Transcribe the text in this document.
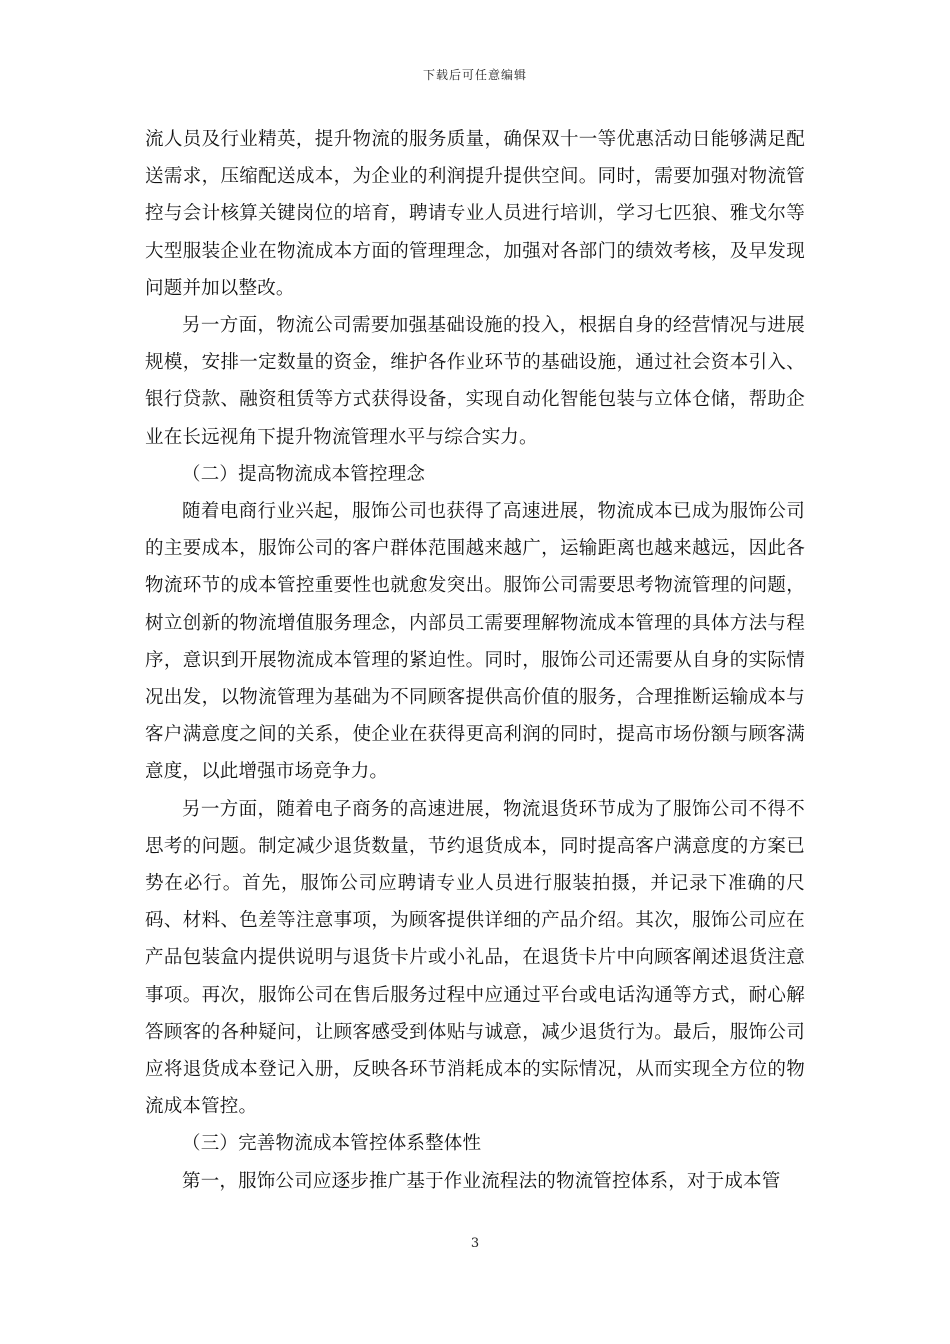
下载后可任意编辑

流人员及行业精英，提升物流的服务质量，确保双十一等优惠活动日能够满足配送需求，压缩配送成本，为企业的利润提升提供空间。同时，需要加强对物流管控与会计核算关键岗位的培育，聘请专业人员进行培训，学习七匹狼、雅戈尔等大型服装企业在物流成本方面的管理理念，加强对各部门的绩效考核，及早发现问题并加以整改。

另一方面，物流公司需要加强基础设施的投入，根据自身的经营情况与进展规模，安排一定数量的资金，维护各作业环节的基础设施，通过社会资本引入、银行贷款、融资租赁等方式获得设备，实现自动化智能包装与立体仓储，帮助企业在长远视角下提升物流管理水平与综合实力。

（二）提高物流成本管控理念

随着电商行业兴起，服饰公司也获得了高速进展，物流成本已成为服饰公司的主要成本，服饰公司的客户群体范围越来越广，运输距离也越来越远，因此各物流环节的成本管控重要性也就愈发突出。服饰公司需要思考物流管理的问题，树立创新的物流增值服务理念，内部员工需要理解物流成本管理的具体方法与程序，意识到开展物流成本管理的紧迫性。同时，服饰公司还需要从自身的实际情况出发，以物流管理为基础为不同顾客提供高价值的服务，合理推断运输成本与客户满意度之间的关系，使企业在获得更高利润的同时，提高市场份额与顾客满意度，以此增强市场竞争力。

另一方面，随着电子商务的高速进展，物流退货环节成为了服饰公司不得不思考的问题。制定减少退货数量，节约退货成本，同时提高客户满意度的方案已势在必行。首先，服饰公司应聘请专业人员进行服装拍摄，并记录下准确的尺码、材料、色差等注意事项，为顾客提供详细的产品介绍。其次，服饰公司应在产品包装盒内提供说明与退货卡片或小礼品，在退货卡片中向顾客阐述退货注意事项。再次，服饰公司在售后服务过程中应通过平台或电话沟通等方式，耐心解答顾客的各种疑问，让顾客感受到体贴与诚意，减少退货行为。最后，服饰公司应将退货成本登记入册，反映各环节消耗成本的实际情况，从而实现全方位的物流成本管控。

（三）完善物流成本管控体系整体性

第一，服饰公司应逐步推广基于作业流程法的物流管控体系，对于成本管

3
